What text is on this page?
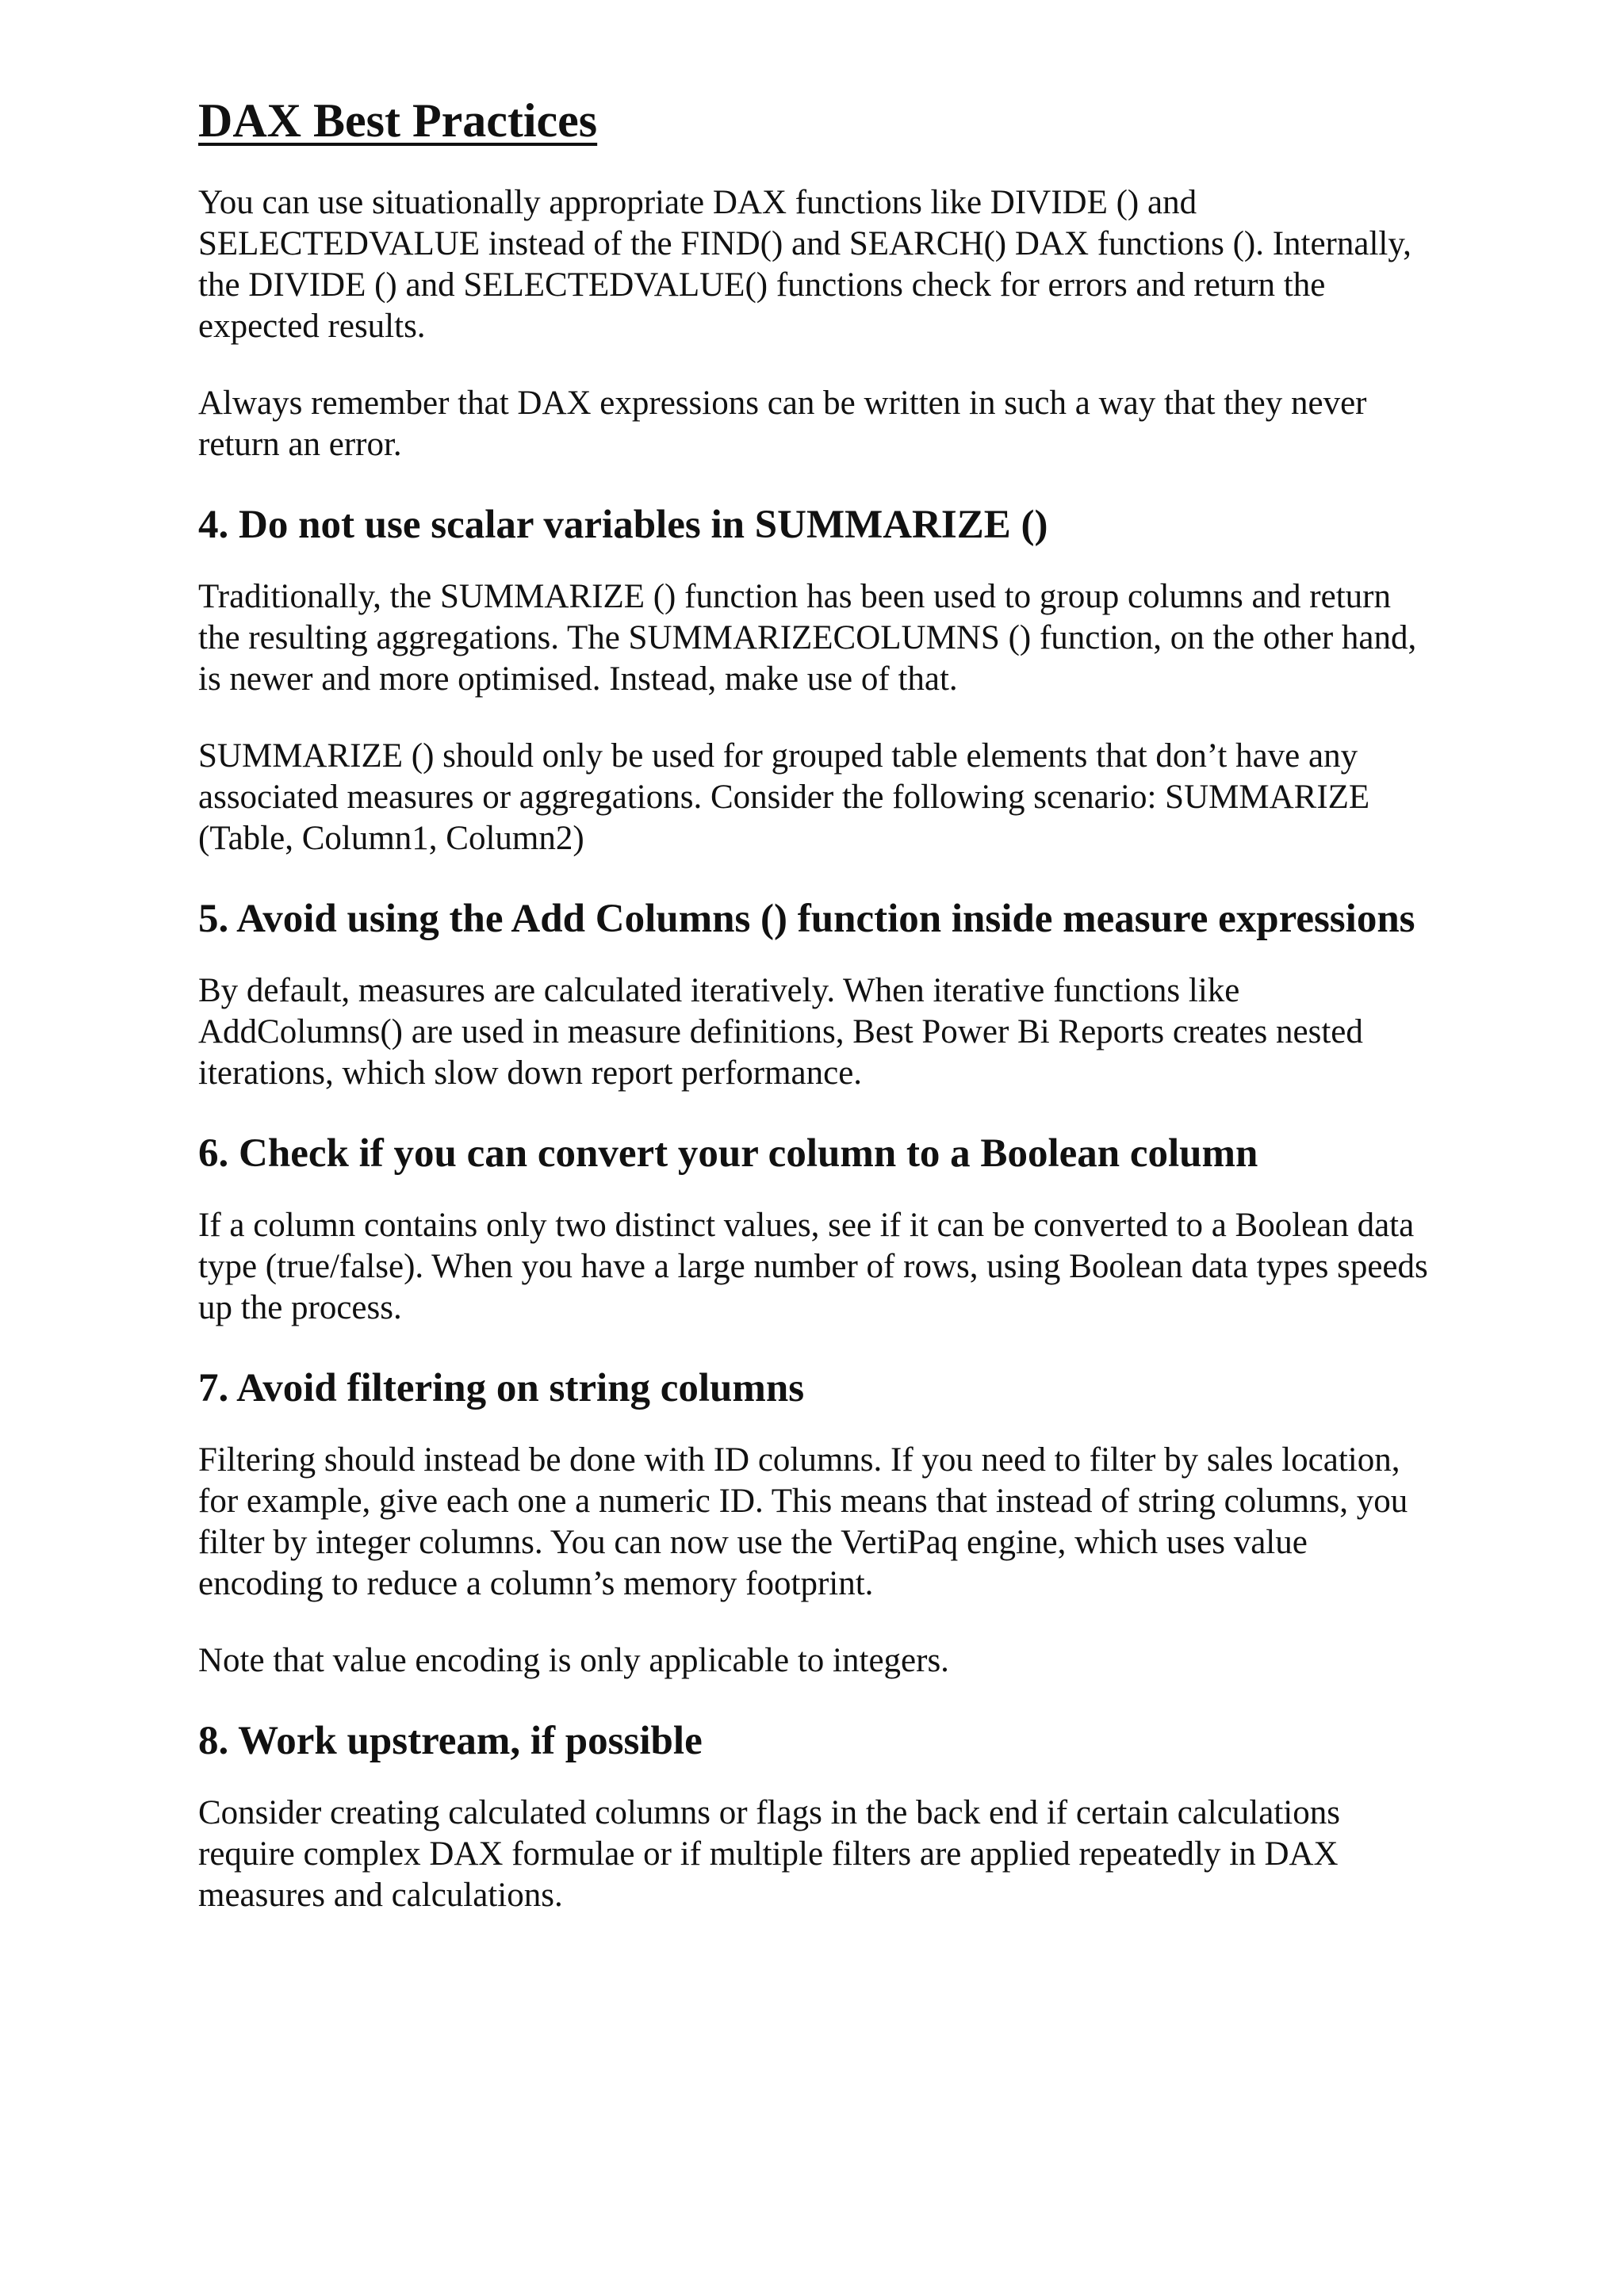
DAX Best Practices

You can use situationally appropriate DAX functions like DIVIDE () and SELECTEDVALUE instead of the FIND() and SEARCH() DAX functions (). Internally, the DIVIDE () and SELECTEDVALUE() functions check for errors and return the expected results.

Always remember that DAX expressions can be written in such a way that they never return an error.

4. Do not use scalar variables in SUMMARIZE ()

Traditionally, the SUMMARIZE () function has been used to group columns and return the resulting aggregations. The SUMMARIZECOLUMNS () function, on the other hand, is newer and more optimised. Instead, make use of that.

SUMMARIZE () should only be used for grouped table elements that don’t have any associated measures or aggregations. Consider the following scenario: SUMMARIZE (Table, Column1, Column2)

5. Avoid using the Add Columns () function inside measure expressions

By default, measures are calculated iteratively. When iterative functions like AddColumns() are used in measure definitions, Best Power Bi Reports creates nested iterations, which slow down report performance.

6. Check if you can convert your column to a Boolean column

If a column contains only two distinct values, see if it can be converted to a Boolean data type (true/false). When you have a large number of rows, using Boolean data types speeds up the process.

7. Avoid filtering on string columns

Filtering should instead be done with ID columns. If you need to filter by sales location, for example, give each one a numeric ID. This means that instead of string columns, you filter by integer columns. You can now use the VertiPaq engine, which uses value encoding to reduce a column’s memory footprint.

Note that value encoding is only applicable to integers.

8. Work upstream, if possible

Consider creating calculated columns or flags in the back end if certain calculations require complex DAX formulae or if multiple filters are applied repeatedly in DAX measures and calculations.
